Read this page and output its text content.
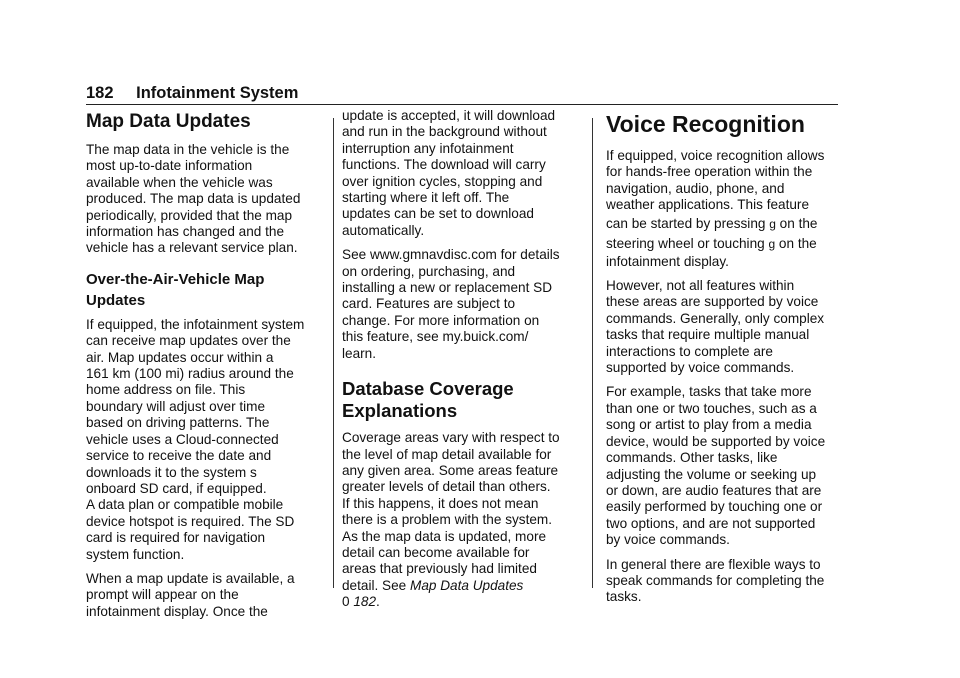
182 Infotainment System
Map Data Updates

The map data in the vehicle is the
most up-to-date information
available when the vehicle was
produced. The map data is updated
periodically, provided that the map
information has changed and the
vehicle has a relevant service plan.

Over-the-Air-Vehicle Map
Updates

If equipped, the infotainment system
can receive map updates over the
air. Map updates occur within a
161 km (100 mi) radius around the
home address on file. This
boundary will adjust over time
based on driving patterns. The
vehicle uses a Cloud-connected
service to receive the date and
downloads it to the system s
onboard SD card, if equipped.
A data plan or compatible mobile
device hotspot is required. The SD
card is required for navigation
system function.

When a map update is available, a
prompt will appear on the
infotainment display. Once the

update is accepted, it will download
and run in the background without
interruption any infotainment
functions. The download will carry
over ignition cycles, stopping and
starting where it left off. The
updates can be set to download
automatically.

See www.gmnavdisc.com for details
on ordering, purchasing, and
installing a new or replacement SD
card. Features are subject to
change. For more information on
this feature, see my.buick.com/
learn.

Database Coverage
Explanations

Coverage areas vary with respect to
the level of map detail available for
any given area. Some areas feature
greater levels of detail than others.
If this happens, it does not mean
there is a problem with the system.
As the map data is updated, more
detail can become available for
areas that previously had limited
detail. See Map Data Updates
0 182.

Voice Recognition

If equipped, voice recognition allows
for hands-free operation within the
navigation, audio, phone, and
weather applications. This feature
can be started by pressing g on the
steering wheel or touching g on the
infotainment display.

However, not all features within
these areas are supported by voice
commands. Generally, only complex
tasks that require multiple manual
interactions to complete are
supported by voice commands.

For example, tasks that take more
than one or two touches, such as a
song or artist to play from a media
device, would be supported by voice
commands. Other tasks, like
adjusting the volume or seeking up
or down, are audio features that are
easily performed by touching one or
two options, and are not supported
by voice commands.

In general there are flexible ways to
speak commands for completing the
tasks.
